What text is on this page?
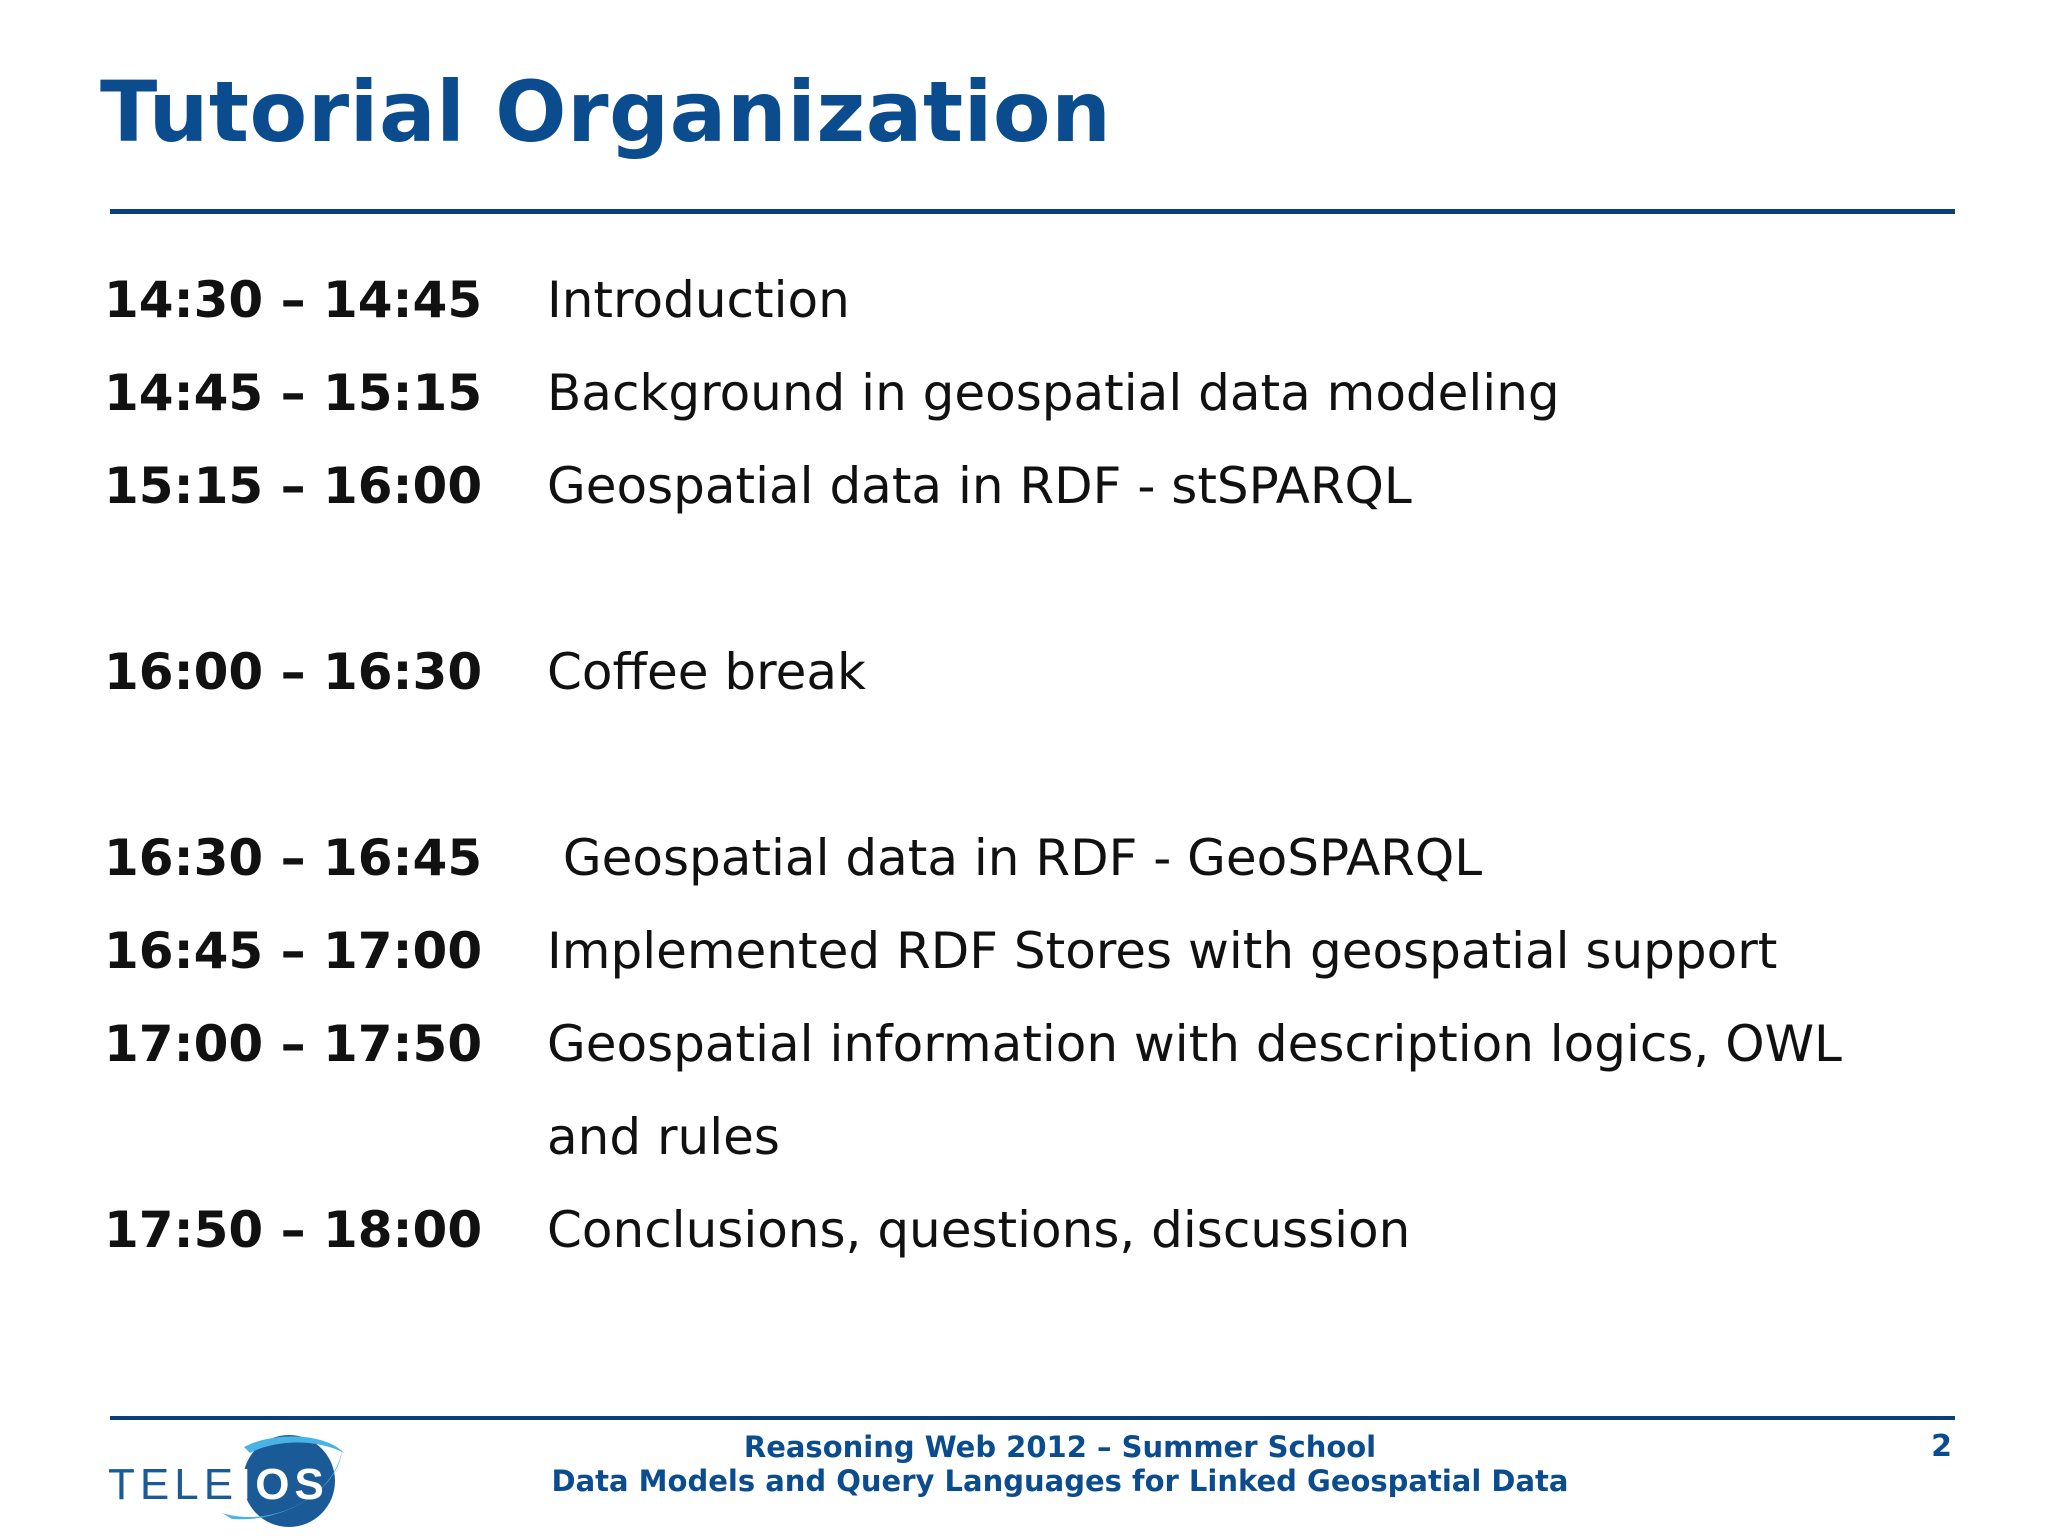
Tutorial Organization
14:30 – 14:45	Introduction
14:45 – 15:15	Background in geospatial data modeling
15:15 – 16:00	Geospatial data in RDF - stSPARQL
16:00 – 16:30	Coffee break
16:30 – 16:45	Geospatial data in RDF - GeoSPARQL
16:45 – 17:00	Implemented RDF Stores with geospatial support
17:00 – 17:50	Geospatial information with description logics, OWL
and rules
17:50 – 18:00	Conclusions, questions, discussion
TELEIOS
Reasoning Web 2012 – Summer School
Data Models and Query Languages for Linked Geospatial Data
2
